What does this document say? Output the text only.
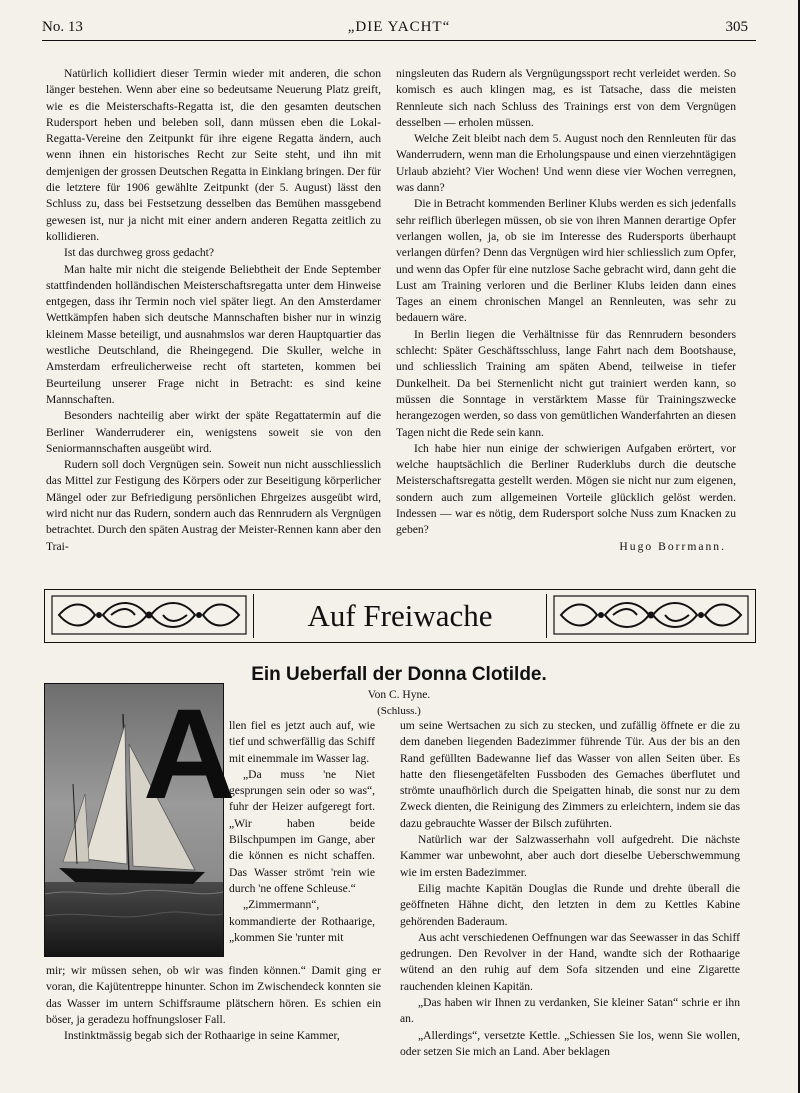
No. 13	„DIE YACHT“	305

Natürlich kollidiert dieser Termin wieder mit anderen, die schon länger bestehen. Wenn aber eine so bedeutsame Neuerung Platz greift, wie es die Meisterschafts-Regatta ist, die den gesamten deutschen Rudersport heben und beleben soll, dann müssen eben die Lokal-Regatta-Vereine den Zeitpunkt für ihre eigene Regatta ändern, auch wenn ihnen ein historisches Recht zur Seite steht, und ihn mit demjenigen der grossen Deutschen Regatta in Einklang bringen. Der für die letztere für 1906 gewählte Zeitpunkt (der 5. August) lässt den Schluss zu, dass bei Festsetzung desselben das Bemühen massgebend gewesen ist, nur ja nicht mit einer andern anderen Regatta zeitlich zu kollidieren.

Ist das durchweg gross gedacht?

Man halte mir nicht die steigende Beliebtheit der Ende September stattfindenden holländischen Meisterschaftsregatta unter dem Hinweise entgegen, dass ihr Termin noch viel später liegt. An den Amsterdamer Wettkämpfen haben sich deutsche Mannschaften bisher nur in winzig kleinem Masse beteiligt, und ausnahmslos war deren Hauptquartier das westliche Deutschland, die Rheingegend. Die Skuller, welche in Amsterdam erfreulicherweise recht oft starteten, kommen bei Beurteilung unserer Frage nicht in Betracht: es sind keine Mannschaften.

Besonders nachteilig aber wirkt der späte Regattatermin auf die Berliner Wanderruderer ein, wenigstens soweit sie von den Seniormannschaften ausgeübt wird.

Rudern soll doch Vergnügen sein. Soweit nun nicht ausschliesslich das Mittel zur Festigung des Körpers oder zur Beseitigung körperlicher Mängel oder zur Befriedigung persönlichen Ehrgeizes ausgeübt wird, wird nicht nur das Rudern, sondern auch das Rennrudern als Vergnügen betrachtet. Durch den späten Austrag der Meister-Rennen kann aber den Trai-

ningsleuten das Rudern als Vergnügungssport recht verleidet werden. So komisch es auch klingen mag, es ist Tatsache, dass die meisten Rennleute sich nach Schluss des Trainings erst von dem Vergnügen desselben — erholen müssen.

Welche Zeit bleibt nach dem 5. August noch den Rennleuten für das Wanderrudern, wenn man die Erholungspause und einen vierzehntägigen Urlaub abzieht? Vier Wochen! Und wenn diese vier Wochen verregnen, was dann?

Die in Betracht kommenden Berliner Klubs werden es sich jedenfalls sehr reiflich überlegen müssen, ob sie von ihren Mannen derartige Opfer verlangen wollen, ja, ob sie im Interesse des Rudersports überhaupt verlangen dürfen? Denn das Vergnügen wird hier schliesslich zum Opfer, und wenn das Opfer für eine nutzlose Sache gebracht wird, dann geht die Lust am Training verloren und die Berliner Klubs leiden dann eines Tages an einem chronischen Mangel an Rennleuten, was sehr zu bedauern wäre.

In Berlin liegen die Verhältnisse für das Rennrudern besonders schlecht: Später Geschäftsschluss, lange Fahrt nach dem Bootshause, und schliesslich Training am späten Abend, teilweise in tiefer Dunkelheit. Da bei Sternenlicht nicht gut trainiert werden kann, so müssen die Sonntage in verstärktem Masse für Trainingszwecke herangezogen werden, so dass von gemütlichen Wanderfahrten an diesen Tagen nicht die Rede sein kann.

Ich habe hier nun einige der schwierigen Aufgaben erörtert, vor welche hauptsächlich die Berliner Ruderklubs durch die deutsche Meisterschaftsregatta gestellt werden. Mögen sie nicht nur zum eigenen, sondern auch zum allgemeinen Vorteile glücklich gelöst werden. Indessen — war es nötig, dem Rudersport solche Nuss zum Knacken zu geben?

Hugo Borrmann.

Auf Freiwache
Ein Ueberfall der Donna Clotilde.
Von C. Hyne.
(Schluss.)
A

llen fiel es jetzt auch auf, wie tief und schwerfällig das Schiff mit einemmale im Wasser lag.

„Da muss 'ne Niet gesprungen sein oder so was“, fuhr der Heizer aufgeregt fort. „Wir haben beide Bilschpumpen im Gange, aber die können es nicht schaffen. Das Wasser strömt 'rein wie durch 'ne offene Schleuse.“

„Zimmermann“, kommandierte der Rothaarige, „kommen Sie 'runter mit

mir; wir müssen sehen, ob wir was finden können.“ Damit ging er voran, die Kajütentreppe hinunter. Schon im Zwischendeck konnten sie das Wasser im untern Schiffsraume plätschern hören. Es schien ein böser, ja geradezu hoffnungsloser Fall.

Instinktmässig begab sich der Rothaarige in seine Kammer,

um seine Wertsachen zu sich zu stecken, und zufällig öffnete er die zu dem daneben liegenden Badezimmer führende Tür. Aus der bis an den Rand gefüllten Badewanne lief das Wasser von allen Seiten über. Es hatte den fliesengetäfelten Fussboden des Gemaches überflutet und strömte unaufhörlich durch die Speigatten hinab, die sonst nur zu dem Zweck dienten, die Reinigung des Zimmers zu erleichtern, indem sie das dazu gebrauchte Wasser der Bilsch zuführten.

Natürlich war der Salzwasserhahn voll aufgedreht. Die nächste Kammer war unbewohnt, aber auch dort dieselbe Ueberschwemmung wie im ersten Badezimmer.

Eilig machte Kapitän Douglas die Runde und drehte überall die geöffneten Hähne dicht, den letzten in dem zu Kettles Kabine gehörenden Baderaum.

Aus acht verschiedenen Oeffnungen war das Seewasser in das Schiff gedrungen. Den Revolver in der Hand, wandte sich der Rothaarige wütend an den ruhig auf dem Sofa sitzenden und eine Zigarette rauchenden kleinen Kapitän.

„Das haben wir Ihnen zu verdanken, Sie kleiner Satan“ schrie er ihn an.

„Allerdings“, versetzte Kettle. „Schiessen Sie los, wenn Sie wollen, oder setzen Sie mich an Land. Aber beklagen
